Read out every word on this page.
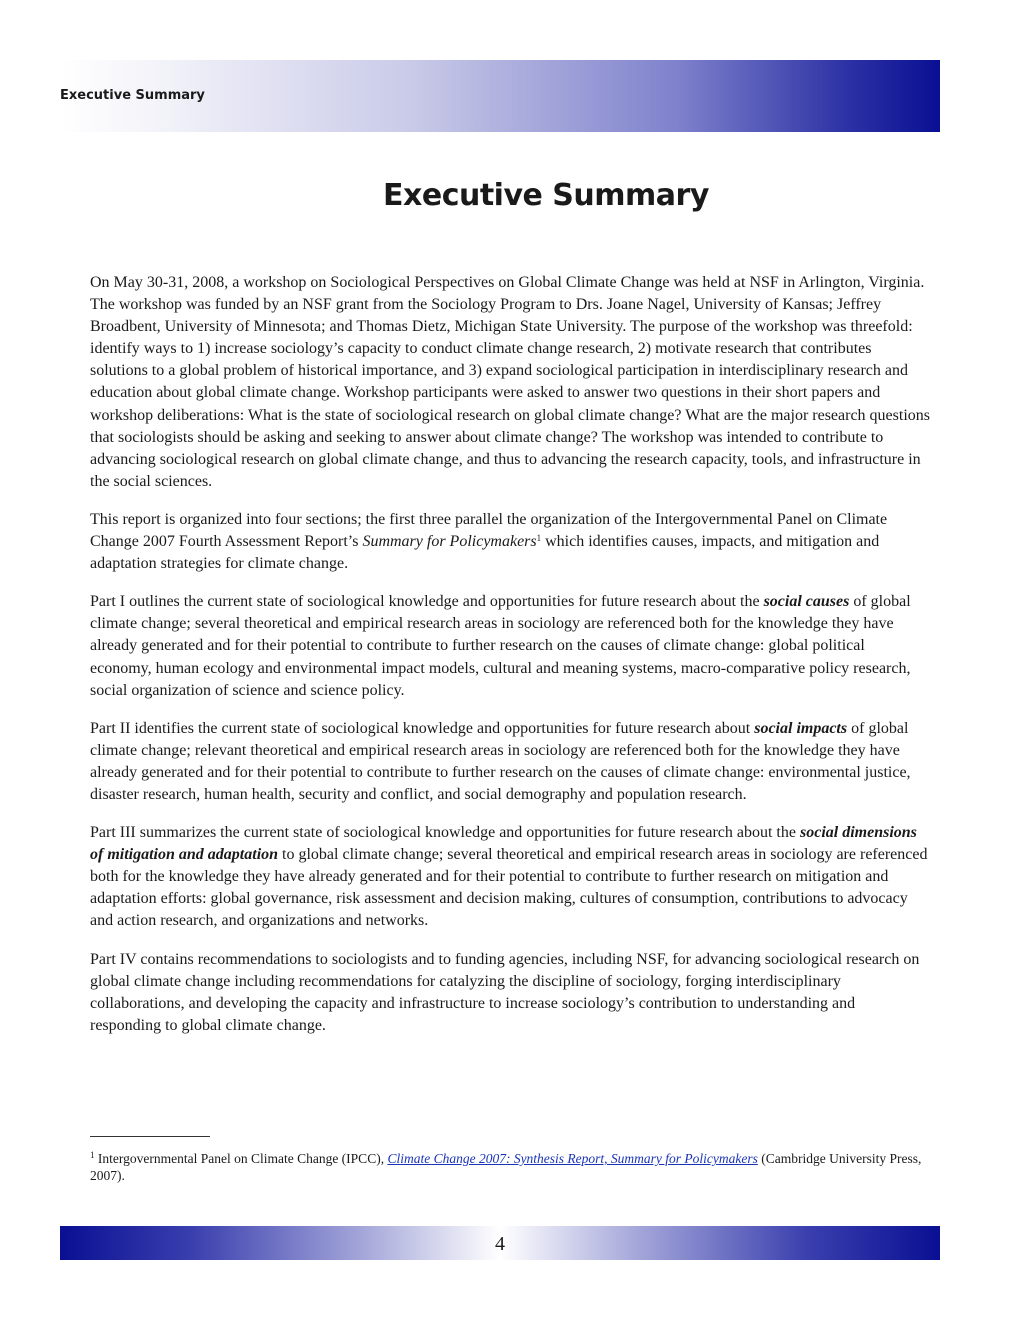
Executive Summary
Executive Summary

On May 30-31, 2008, a workshop on Sociological Perspectives on Global Climate Change was held at NSF in Arlington, Virginia. The workshop was funded by an NSF grant from the Sociology Program to Drs. Joane Nagel, University of Kansas; Jeffrey Broadbent, University of Minnesota; and Thomas Dietz, Michigan State University. The purpose of the workshop was threefold: identify ways to 1) increase sociology’s capacity to conduct climate change research, 2) motivate research that contributes solutions to a global problem of historical importance, and 3) expand sociological participation in interdisciplinary research and education about global climate change. Workshop participants were asked to answer two questions in their short papers and workshop deliberations: What is the state of sociological research on global climate change? What are the major research questions that sociologists should be asking and seeking to answer about climate change? The workshop was intended to contribute to advancing sociological research on global climate change, and thus to advancing the research capacity, tools, and infrastructure in the social sciences.

This report is organized into four sections; the first three parallel the organization of the Intergovernmental Panel on Climate Change 2007 Fourth Assessment Report’s Summary for Policymakers$^1$ which identifies causes, impacts, and mitigation and adaptation strategies for climate change.

Part I outlines the current state of sociological knowledge and opportunities for future research about the social causes of global climate change; several theoretical and empirical research areas in sociology are referenced both for the knowledge they have already generated and for their potential to contribute to further research on the causes of climate change: global political economy, human ecology and environmental impact models, cultural and meaning systems, macro-comparative policy research, social organization of science and science policy.

Part II identifies the current state of sociological knowledge and opportunities for future research about social impacts of global climate change; relevant theoretical and empirical research areas in sociology are referenced both for the knowledge they have already generated and for their potential to contribute to further research on the causes of climate change: environmental justice, disaster research, human health, security and conflict, and social demography and population research.

Part III summarizes the current state of sociological knowledge and opportunities for future research about the social dimensions of mitigation and adaptation to global climate change; several theoretical and empirical research areas in sociology are referenced both for the knowledge they have already generated and for their potential to contribute to further research on mitigation and adaptation efforts: global governance, risk assessment and decision making, cultures of consumption, contributions to advocacy and action research, and organizations and networks.

Part IV contains recommendations to sociologists and to funding agencies, including NSF, for advancing sociological research on global climate change including recommendations for catalyzing the discipline of sociology, forging interdisciplinary collaborations, and developing the capacity and infrastructure to increase sociology’s contribution to understanding and responding to global climate change.

$^1$ Intergovernmental Panel on Climate Change (IPCC), Climate Change 2007: Synthesis Report, Summary for Policymakers (Cambridge University Press, 2007).
4
